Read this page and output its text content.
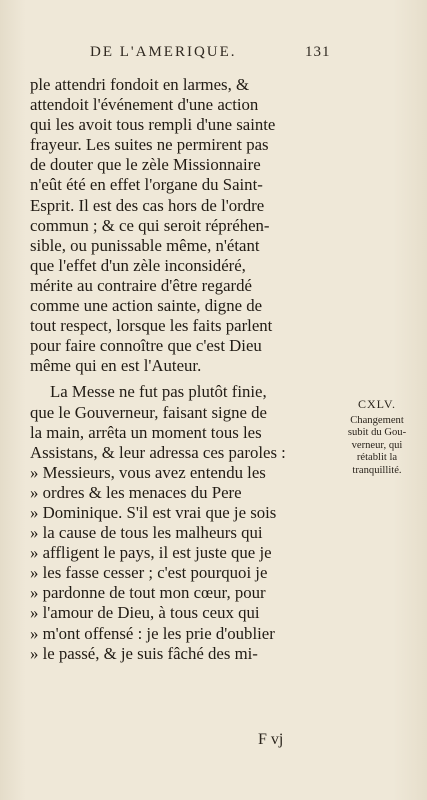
DE L'AMERIQUE.	131
ple attendri fondoit en larmes, &
attendoit l'événement d'une action
qui les avoit tous rempli d'une sainte
frayeur. Les suites ne permirent pas
de douter que le zèle Missionnaire
n'eût été en effet l'organe du Saint-
Esprit. Il est des cas hors de l'ordre
commun ; & ce qui seroit répréhen-
sible, ou punissable même, n'étant
que l'effet d'un zèle inconsidéré,
mérite au contraire d'être regardé
comme une action sainte, digne de
tout respect, lorsque les faits parlent
pour faire connoître que c'est Dieu
même qui en est l'Auteur.
La Messe ne fut pas plutôt finie,
que le Gouverneur, faisant signe de
la main, arrêta un moment tous les
Assistans, & leur adressa ces paroles :
» Messieurs, vous avez entendu les
» ordres & les menaces du Pere
» Dominique. S'il est vrai que je sois
» la cause de tous les malheurs qui
» affligent le pays, il est juste que je
» les fasse cesser ; c'est pourquoi je
» pardonne de tout mon cœur, pour
» l'amour de Dieu, à tous ceux qui
» m'ont offensé : je les prie d'oublier
» le passé, & je suis fâché des mi-
CXLV.
Changement
subit du Gou-
verneur, qui
rétablit la
tranquillité.
F vj
